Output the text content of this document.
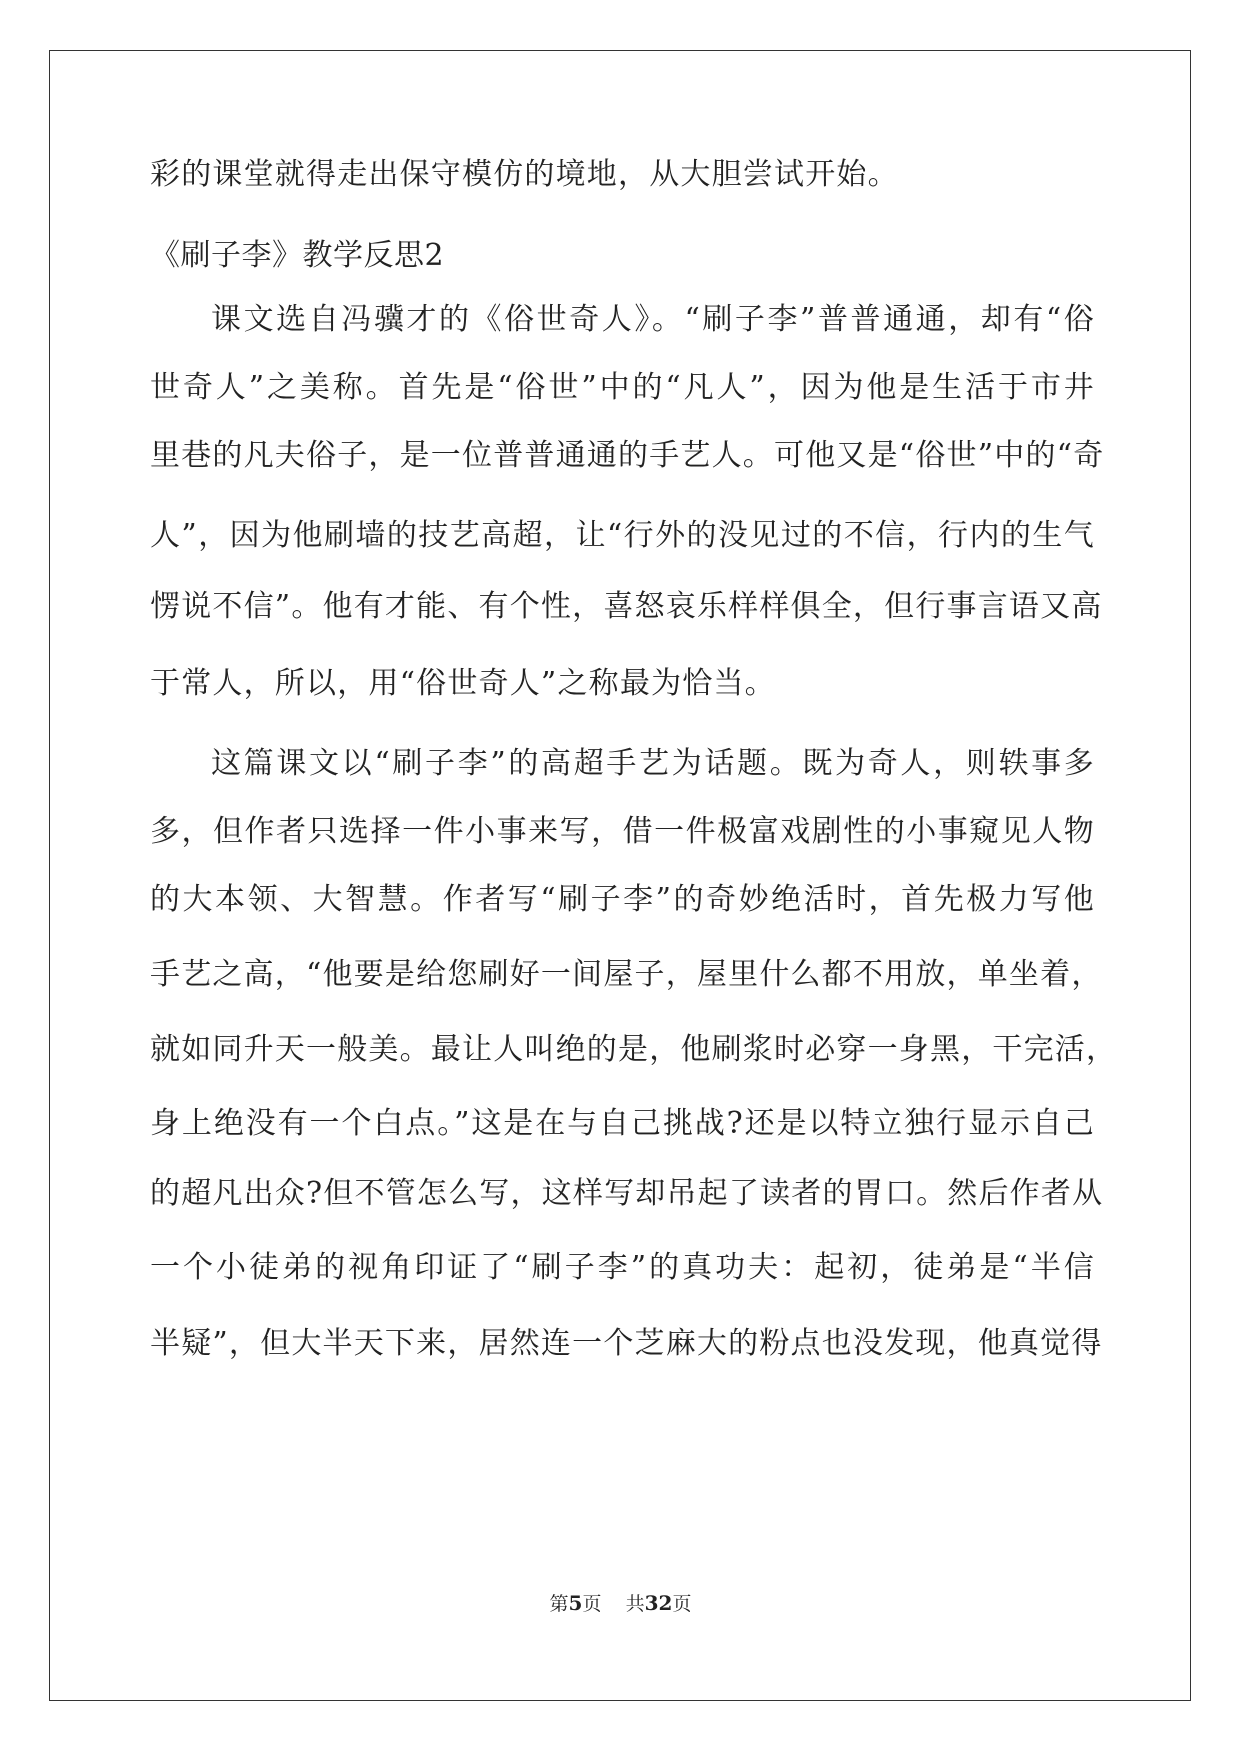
彩的课堂就得走出保守模仿的境地，从大胆尝试开始。
《刷子李》教学反思2
课文选自冯骥才的《俗世奇人》。“刷子李”普普通通，却有“俗
世奇人”之美称。首先是“俗世”中的“凡人”，因为他是生活于市井
里巷的凡夫俗子，是一位普普通通的手艺人。可他又是“俗世”中的“奇
人”，因为他刷墙的技艺高超，让“行外的没见过的不信，行内的生气
愣说不信”。他有才能、有个性，喜怒哀乐样样俱全，但行事言语又高
于常人，所以，用“俗世奇人”之称最为恰当。
这篇课文以“刷子李”的高超手艺为话题。既为奇人，则轶事多
多，但作者只选择一件小事来写，借一件极富戏剧性的小事窥见人物
的大本领、大智慧。作者写“刷子李”的奇妙绝活时，首先极力写他
手艺之高，“他要是给您刷好一间屋子，屋里什么都不用放，单坐着，
就如同升天一般美。最让人叫绝的是，他刷浆时必穿一身黑，干完活，
身上绝没有一个白点。”这是在与自己挑战?还是以特立独行显示自己
的超凡出众?但不管怎么写，这样写却吊起了读者的胃口。然后作者从
一个小徒弟的视角印证了“刷子李”的真功夫：起初，徒弟是“半信
半疑”，但大半天下来，居然连一个芝麻大的粉点也没发现，他真觉得
第5页 共32页
